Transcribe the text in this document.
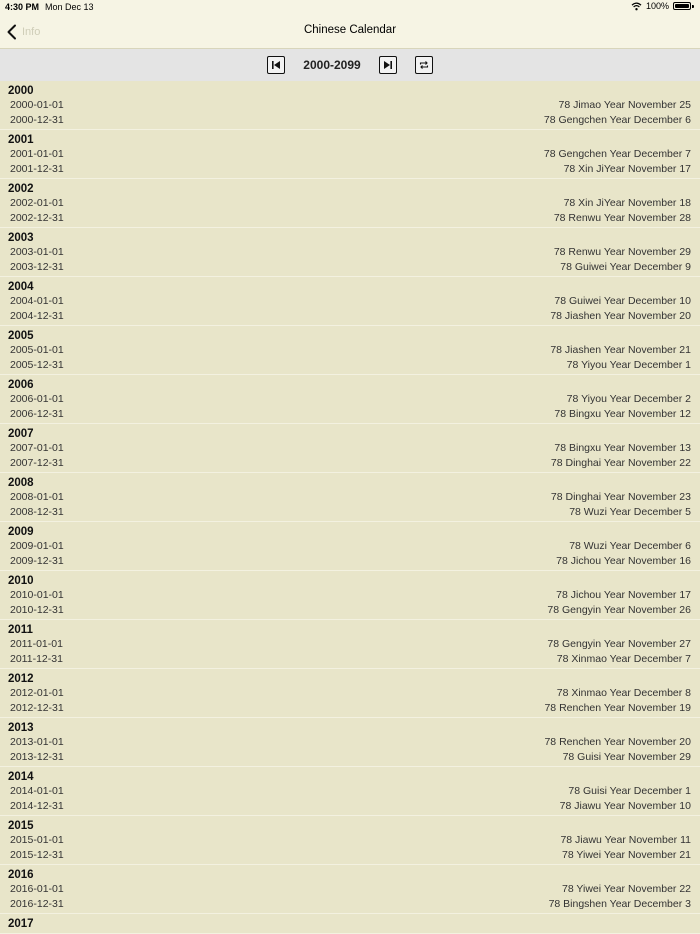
4:30 PM Mon Dec 13	100%
Info	Chinese Calendar
2000-2099
2000
2000-01-01	78 Jimao Year November 25
2000-12-31	78 Gengchen Year December 6
2001
2001-01-01	78 Gengchen Year December 7
2001-12-31	78 Xin JiYear November 17
2002
2002-01-01	78 Xin JiYear November 18
2002-12-31	78 Renwu Year November 28
2003
2003-01-01	78 Renwu Year November 29
2003-12-31	78 Guiwei Year December 9
2004
2004-01-01	78 Guiwei Year December 10
2004-12-31	78 Jiashen Year November 20
2005
2005-01-01	78 Jiashen Year November 21
2005-12-31	78 Yiyou Year December 1
2006
2006-01-01	78 Yiyou Year December 2
2006-12-31	78 Bingxu Year November 12
2007
2007-01-01	78 Bingxu Year November 13
2007-12-31	78 Dinghai Year November 22
2008
2008-01-01	78 Dinghai Year November 23
2008-12-31	78 Wuzi Year December 5
2009
2009-01-01	78 Wuzi Year December 6
2009-12-31	78 Jichou Year November 16
2010
2010-01-01	78 Jichou Year November 17
2010-12-31	78 Gengyin Year November 26
2011
2011-01-01	78 Gengyin Year November 27
2011-12-31	78 Xinmao Year December 7
2012
2012-01-01	78 Xinmao Year December 8
2012-12-31	78 Renchen Year November 19
2013
2013-01-01	78 Renchen Year November 20
2013-12-31	78 Guisi Year November 29
2014
2014-01-01	78 Guisi Year December 1
2014-12-31	78 Jiawu Year November 10
2015
2015-01-01	78 Jiawu Year November 11
2015-12-31	78 Yiwei Year November 21
2016
2016-01-01	78 Yiwei Year November 22
2016-12-31	78 Bingshen Year December 3
2017
